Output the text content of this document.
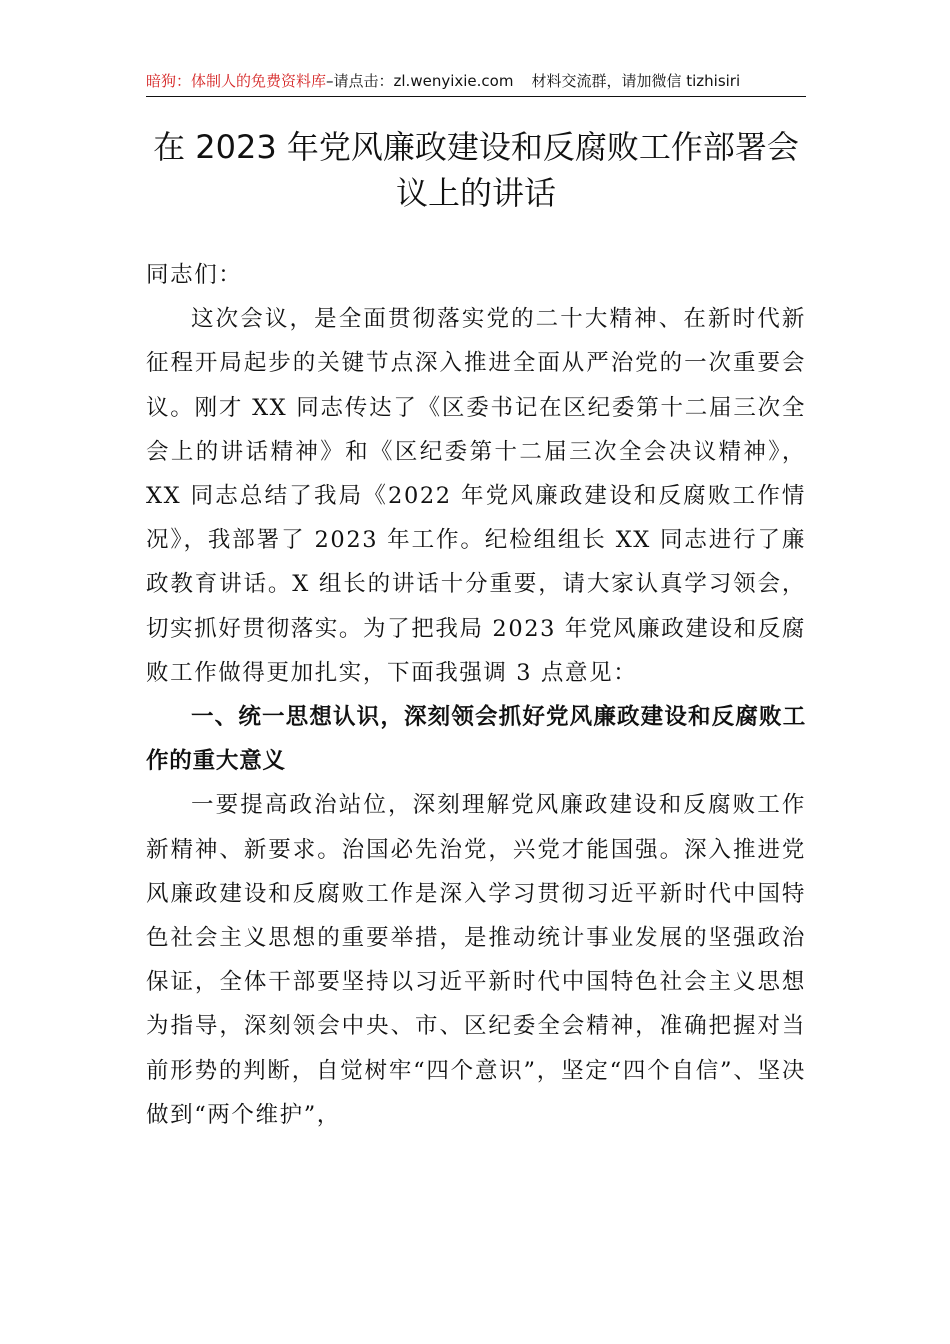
暗狗：体制人的免费资料库–请点击：zl.wenyixie.com 材料交流群，请加微信 tizhisiri
在 2023 年党风廉政建设和反腐败工作部署会议上的讲话

同志们：

这次会议，是全面贯彻落实党的二十大精神、在新时代新征程开局起步的关键节点深入推进全面从严治党的一次重要会议。刚才 XX 同志传达了《区委书记在区纪委第十二届三次全会上的讲话精神》和《区纪委第十二届三次全会决议精神》，XX 同志总结了我局《2022 年党风廉政建设和反腐败工作情况》，我部署了 2023 年工作。纪检组组长 XX 同志进行了廉政教育讲话。X 组长的讲话十分重要，请大家认真学习领会，切实抓好贯彻落实。为了把我局 2023 年党风廉政建设和反腐败工作做得更加扎实，下面我强调 3 点意见：

一、统一思想认识，深刻领会抓好党风廉政建设和反腐败工作的重大意义

一要提高政治站位，深刻理解党风廉政建设和反腐败工作新精神、新要求。治国必先治党，兴党才能国强。深入推进党风廉政建设和反腐败工作是深入学习贯彻习近平新时代中国特色社会主义思想的重要举措，是推动统计事业发展的坚强政治保证，全体干部要坚持以习近平新时代中国特色社会主义思想为指导，深刻领会中央、市、区纪委全会精神，准确把握对当前形势的判断，自觉树牢“四个意识”，坚定“四个自信”、坚决做到“两个维护”，
